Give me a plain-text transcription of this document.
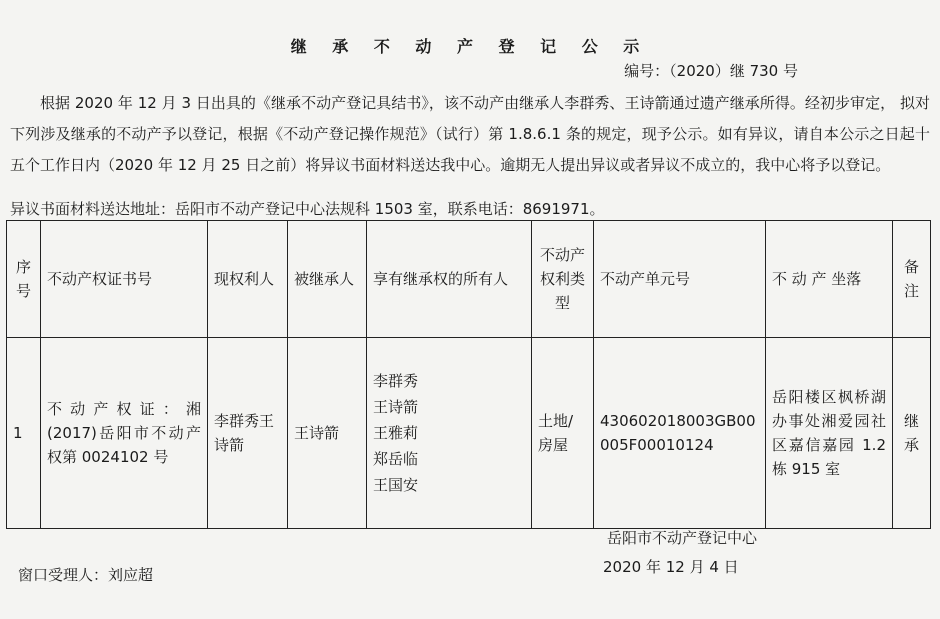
继 承 不 动 产 登 记 公 示
编号：（2020）继 730 号
根据 2020 年 12 月 3 日出具的《继承不动产登记具结书》，该不动产由继承人李群秀、王诗箭通过遗产继承所得。经初步审定， 拟对下列涉及继承的不动产予以登记，根据《不动产登记操作规范》（试行）第 1.8.6.1 条的规定，现予公示。如有异议，请自本公示之日起十五个工作日内（2020 年 12 月 25 日之前）将异议书面材料送达我中心。逾期无人提出异议或者异议不成立的，我中心将予以登记。
异议书面材料送达地址：岳阳市不动产登记中心法规科 1503 室，联系电话：8691971。
序号	不动产权证书号	现权利人	被继承人	享有继承权的所有人	不动产权利类型	不动产单元号	不 动 产 坐落	备注
1	不动产权证：湘(2017)岳阳市不动产权第 0024102 号	李群秀王诗箭	王诗箭	李群秀
王诗箭
王雅莉
郑岳临
王国安	土地/房屋	430602018003GB00005F00010124	岳阳楼区枫桥湖办事处湘爱园社区嘉信嘉园 1.2 栋 915 室	继承
岳阳市不动产登记中心
2020 年 12 月 4 日
窗口受理人：刘应超
